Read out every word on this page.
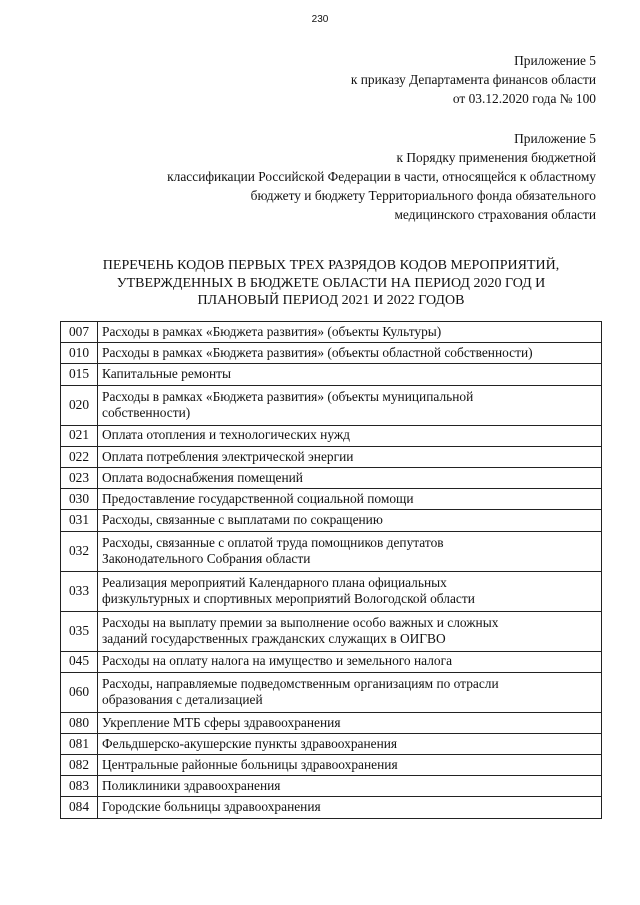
230
Приложение 5
к приказу Департамента финансов области
от 03.12.2020 года № 100
Приложение 5
к Порядку применения бюджетной
классификации Российской Федерации в части, относящейся к областному
бюджету и бюджету Территориального фонда обязательного
медицинского страхования области
ПЕРЕЧЕНЬ КОДОВ ПЕРВЫХ ТРЕХ РАЗРЯДОВ КОДОВ МЕРОПРИЯТИЙ,
УТВЕРЖДЕННЫХ В БЮДЖЕТЕ ОБЛАСТИ НА ПЕРИОД 2020 ГОД И
ПЛАНОВЫЙ ПЕРИОД 2021 И 2022 ГОДОВ
007	Расходы в рамках «Бюджета развития» (объекты Культуры)

010	Расходы в рамках «Бюджета развития» (объекты областной собственности)

015	Капитальные ремонты

020	Расходы в рамках «Бюджета развития» (объекты муниципальной
собственности)

021	Оплата отопления и технологических нужд

022	Оплата потребления электрической энергии

023	Оплата водоснабжения помещений

030	Предоставление государственной социальной помощи

031	Расходы, связанные с выплатами по сокращению

032	Расходы, связанные с оплатой труда помощников депутатов
Законодательного Собрания области

033	Реализация мероприятий Календарного плана официальных
физкультурных и спортивных мероприятий Вологодской области

035	Расходы на выплату премии за выполнение особо важных и сложных
заданий государственных гражданских служащих в ОИГВО

045	Расходы на оплату налога на имущество и земельного налога

060	Расходы, направляемые подведомственным организациям по отрасли
образования с детализацией

080	Укрепление МТБ сферы здравоохранения

081	Фельдшерско-акушерские пункты здравоохранения

082	Центральные районные больницы здравоохранения

083	Поликлиники здравоохранения

084	Городские больницы здравоохранения
